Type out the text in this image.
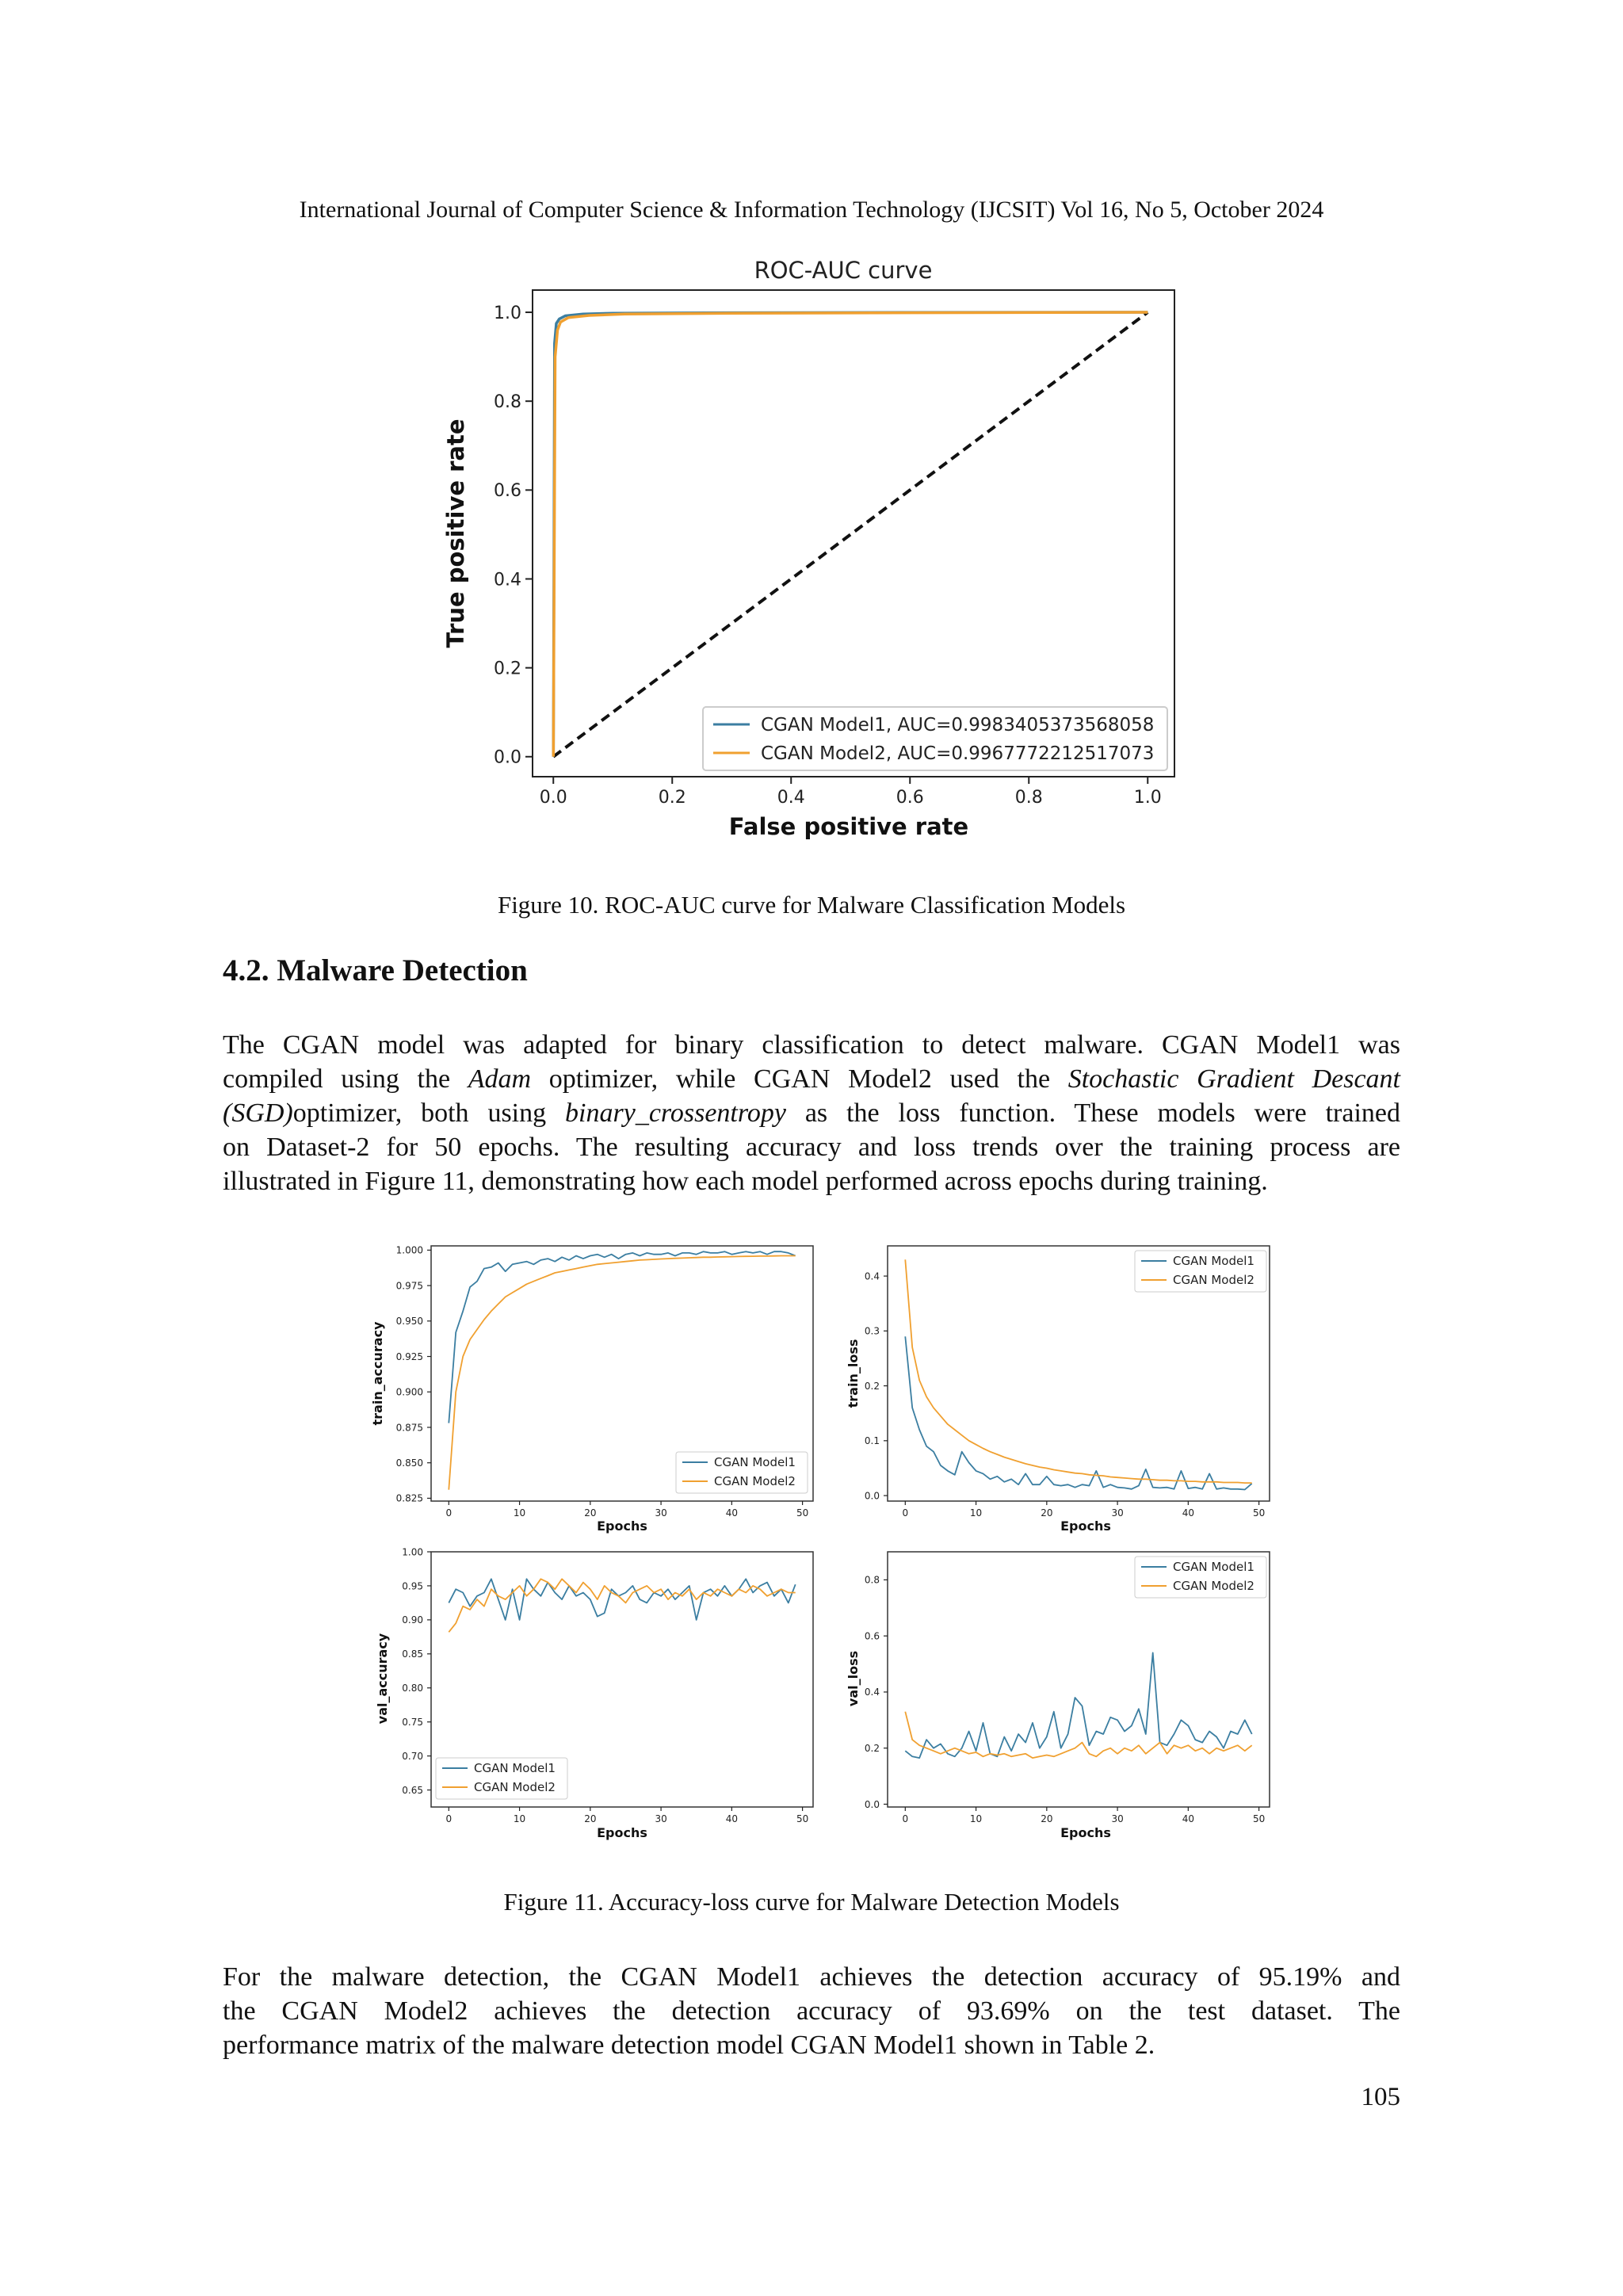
International Journal of Computer Science & Information Technology (IJCSIT) Vol 16, No 5, October 2024
ROC-AUC curve
0.0	0.2	0.4	0.6	0.8	1.0
0.0
0.2
0.4
0.6
0.8
1.0
False positive rate
True positive rate
CGAN Model1, AUC=0.9983405373568058
CGAN Model2, AUC=0.9967772212517073
Figure 10. ROC-AUC curve for Malware Classification Models
4.2. Malware Detection
The CGAN model was adapted for binary classification to detect malware. CGAN Model1 was
compiled using the Adam optimizer, while CGAN Model2 used the Stochastic Gradient Descant
(SGD)optimizer, both using binary_crossentropy as the loss function. These models were trained
on Dataset-2 for 50 epochs. The resulting accuracy and loss trends over the training process are
illustrated in Figure 11, demonstrating how each model performed across epochs during training.
0	10	20	30	40	50
0.825
0.850
0.875
0.900
0.925
0.950
0.975
1.000
Epochs
train_accuracy
CGAN Model1
CGAN Model2
0	10	20	30	40	50
0.0
0.1
0.2
0.3
0.4
Epochs
train_loss
CGAN Model1
CGAN Model2
0	10	20	30	40	50
0.65
0.70
0.75
0.80
0.85
0.90
0.95
1.00
Epochs
val_accuracy
CGAN Model1
CGAN Model2
0	10	20	30	40	50
0.0
0.2
0.4
0.6
0.8
Epochs
val_loss
CGAN Model1
CGAN Model2
Figure 11. Accuracy-loss curve for Malware Detection Models
For the malware detection, the CGAN Model1 achieves the detection accuracy of 95.19% and
the CGAN Model2 achieves the detection accuracy of 93.69% on the test dataset. The
performance matrix of the malware detection model CGAN Model1 shown in Table 2.
105
